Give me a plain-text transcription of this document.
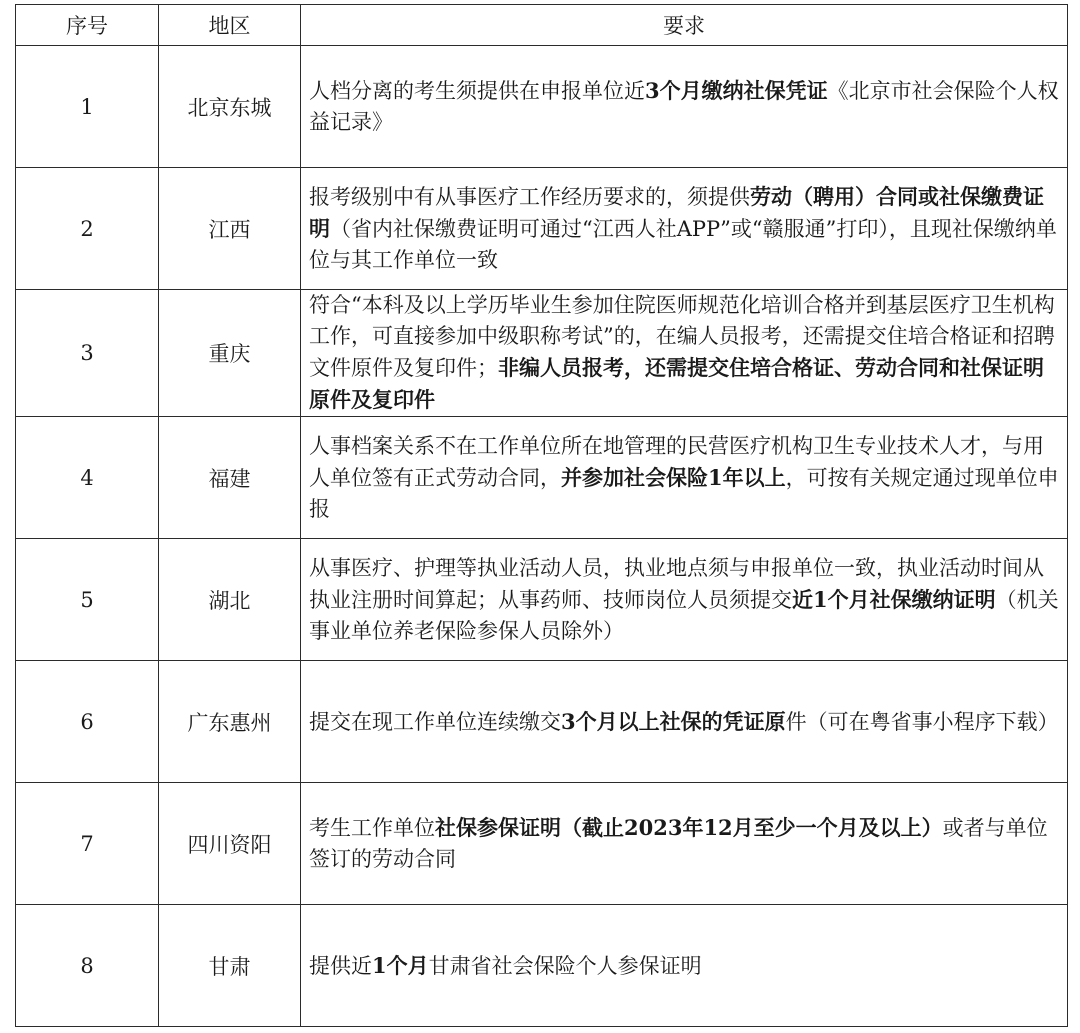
序号	地区	要求
1	北京东城	人档分离的考生须提供在申报单位近3个月缴纳社保凭证《北京市社会保险个人权益记录》
2	江西	报考级别中有从事医疗工作经历要求的，须提供劳动（聘用）合同或社保缴费证明（省内社保缴费证明可通过“江西人社APP”或“赣服通”打印），且现社保缴纳单位与其工作单位一致
3	重庆	符合“本科及以上学历毕业生参加住院医师规范化培训合格并到基层医疗卫生机构工作，可直接参加中级职称考试”的，在编人员报考，还需提交住培合格证和招聘文件原件及复印件；非编人员报考，还需提交住培合格证、劳动合同和社保证明原件及复印件
4	福建	人事档案关系不在工作单位所在地管理的民营医疗机构卫生专业技术人才，与用人单位签有正式劳动合同，并参加社会保险1年以上，可按有关规定通过现单位申报
5	湖北	从事医疗、护理等执业活动人员，执业地点须与申报单位一致，执业活动时间从执业注册时间算起；从事药师、技师岗位人员须提交近1个月社保缴纳证明（机关事业单位养老保险参保人员除外）
6	广东惠州	提交在现工作单位连续缴交3个月以上社保的凭证原件（可在粤省事小程序下载）
7	四川资阳	考生工作单位社保参保证明（截止2023年12月至少一个月及以上）或者与单位签订的劳动合同
8	甘肃	提供近1个月甘肃省社会保险个人参保证明
